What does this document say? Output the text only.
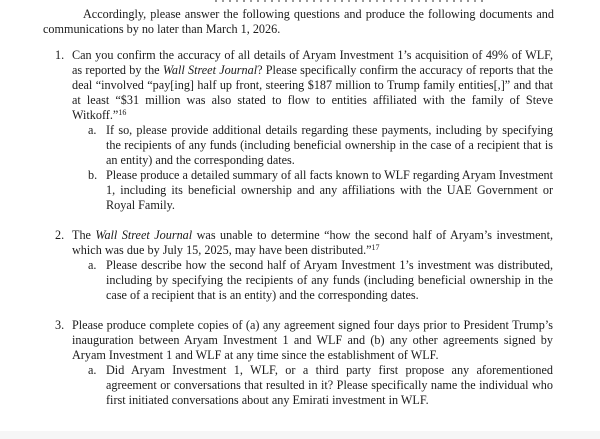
Accordingly, please answer the following questions and produce the following documents and communications by no later than March 1, 2026.

1. Can you confirm the accuracy of all details of Aryam Investment 1’s acquisition of 49% of WLF, as reported by the Wall Street Journal? Please specifically confirm the accuracy of reports that the deal “involved “pay[ing] half up front, steering $187 million to Trump family entities[,]” and that at least “$31 million was also stated to flow to entities affiliated with the family of Steve Witkoff.”$^{16}$
a. If so, please provide additional details regarding these payments, including by specifying the recipients of any funds (including beneficial ownership in the case of a recipient that is an entity) and the corresponding dates.
b. Please produce a detailed summary of all facts known to WLF regarding Aryam Investment 1, including its beneficial ownership and any affiliations with the UAE Government or Royal Family.
2. The Wall Street Journal was unable to determine “how the second half of Aryam’s investment, which was due by July 15, 2025, may have been distributed.”$^{17}$
a. Please describe how the second half of Aryam Investment 1’s investment was distributed, including by specifying the recipients of any funds (including beneficial ownership in the case of a recipient that is an entity) and the corresponding dates.
3. Please produce complete copies of (a) any agreement signed four days prior to President Trump’s inauguration between Aryam Investment 1 and WLF and (b) any other agreements signed by Aryam Investment 1 and WLF at any time since the establishment of WLF.
a. Did Aryam Investment 1, WLF, or a third party first propose any aforementioned agreement or conversations that resulted in it? Please specifically name the individual who first initiated conversations about any Emirati investment in WLF.
